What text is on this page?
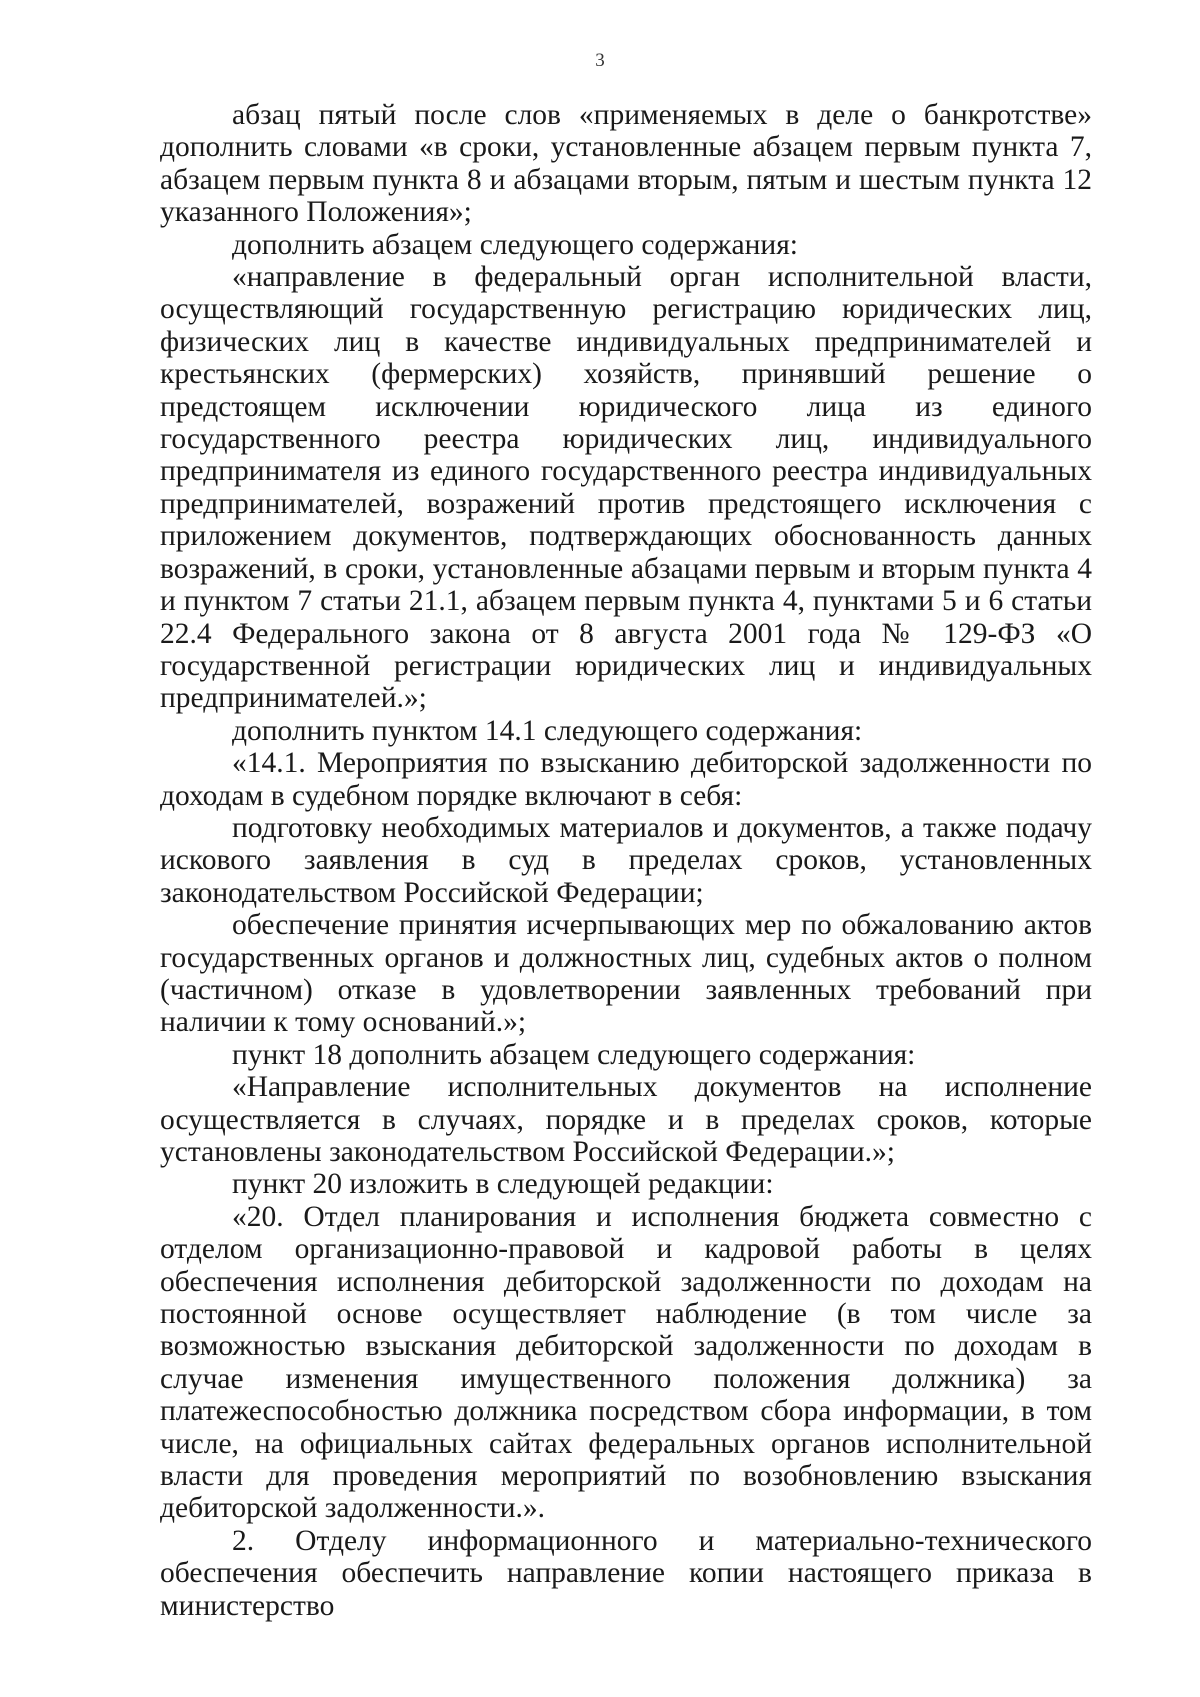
3

абзац пятый после слов «применяемых в деле о банкротстве» дополнить словами «в сроки, установленные абзацем первым пункта 7, абзацем первым пункта 8 и абзацами вторым, пятым и шестым пункта 12 указанного Положения»;

дополнить абзацем следующего содержания:

«направление в федеральный орган исполнительной власти, осуществляющий государственную регистрацию юридических лиц, физических лиц в качестве индивидуальных предпринимателей и крестьянских (фермерских) хозяйств, принявший решение о предстоящем исключении юридического лица из единого государственного реестра юридических лиц, индивидуального предпринимателя из единого государственного реестра индивидуальных предпринимателей, возражений против предстоящего исключения с приложением документов, подтверждающих обоснованность данных возражений, в сроки, установленные абзацами первым и вторым пункта 4 и пунктом 7 статьи 21.1, абзацем первым пункта 4, пунктами 5 и 6 статьи 22.4 Федерального закона от 8 августа 2001 года № 129-ФЗ «О государственной регистрации юридических лиц и индивидуальных предпринимателей.»;

дополнить пунктом 14.1 следующего содержания:

«14.1. Мероприятия по взысканию дебиторской задолженности по доходам в судебном порядке включают в себя:

подготовку необходимых материалов и документов, а также подачу искового заявления в суд в пределах сроков, установленных законодательством Российской Федерации;

обеспечение принятия исчерпывающих мер по обжалованию актов государственных органов и должностных лиц, судебных актов о полном (частичном) отказе в удовлетворении заявленных требований при наличии к тому оснований.»;

пункт 18 дополнить абзацем следующего содержания:

«Направление исполнительных документов на исполнение осуществляется в случаях, порядке и в пределах сроков, которые установлены законодательством Российской Федерации.»;

пункт 20 изложить в следующей редакции:

«20. Отдел планирования и исполнения бюджета совместно с отделом организационно-правовой и кадровой работы в целях обеспечения исполнения дебиторской задолженности по доходам на постоянной основе осуществляет наблюдение (в том числе за возможностью взыскания дебиторской задолженности по доходам в случае изменения имущественного положения должника) за платежеспособностью должника посредством сбора информации, в том числе, на официальных сайтах федеральных органов исполнительной власти для проведения мероприятий по возобновлению взыскания дебиторской задолженности.».

2. Отделу информационного и материально-технического обеспечения обеспечить направление копии настоящего приказа в министерство
